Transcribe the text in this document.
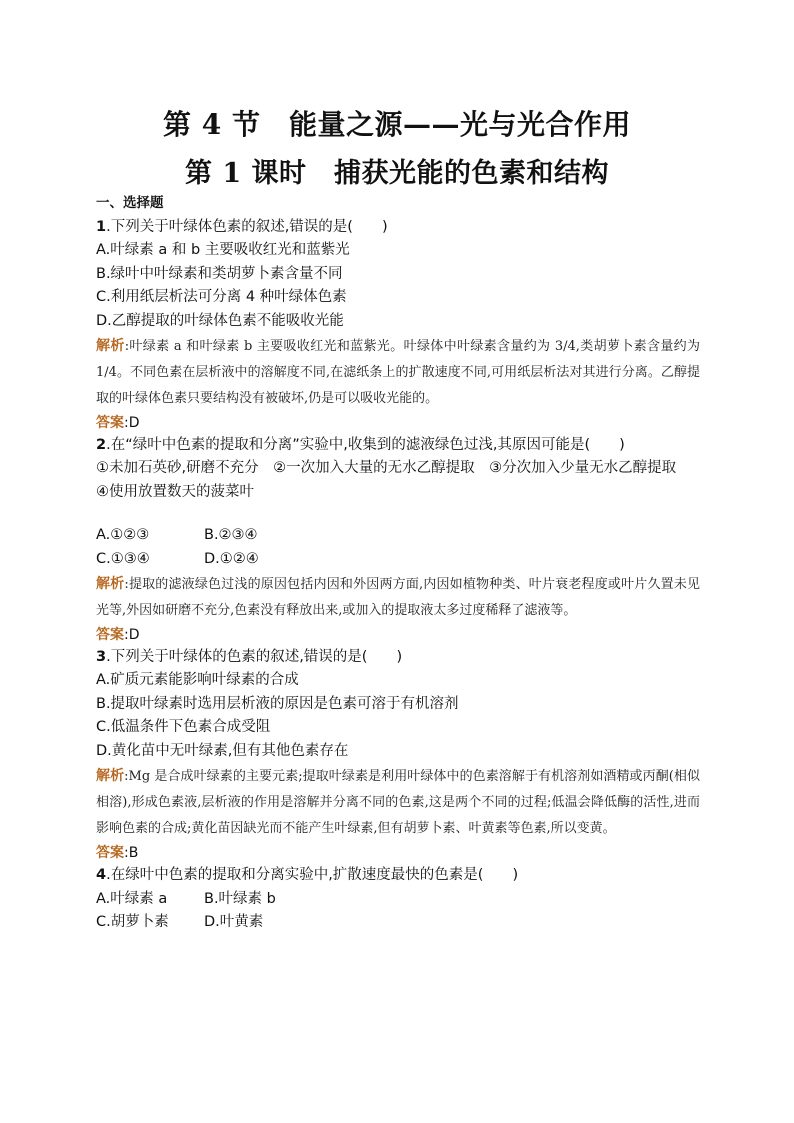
第 4 节　能量之源——光与光合作用
第 1 课时　捕获光能的色素和结构
一、选择题
1.下列关于叶绿体色素的叙述,错误的是(　　)
A.叶绿素 a 和 b 主要吸收红光和蓝紫光
B.绿叶中叶绿素和类胡萝卜素含量不同
C.利用纸层析法可分离 4 种叶绿体色素
D.乙醇提取的叶绿体色素不能吸收光能
解析:叶绿素 a 和叶绿素 b 主要吸收红光和蓝紫光。叶绿体中叶绿素含量约为 3/4,类胡萝卜素含量约为 1/4。不同色素在层析液中的溶解度不同,在滤纸条上的扩散速度不同,可用纸层析法对其进行分离。乙醇提取的叶绿体色素只要结构没有被破坏,仍是可以吸收光能的。
答案:D
2.在“绿叶中色素的提取和分离”实验中,收集到的滤液绿色过浅,其原因可能是(　　)
①未加石英砂,研磨不充分　②一次加入大量的无水乙醇提取　③分次加入少量无水乙醇提取　④使用放置数天的菠菜叶
A.①②③	B.②③④
C.①③④	D.①②④
解析:提取的滤液绿色过浅的原因包括内因和外因两方面,内因如植物种类、叶片衰老程度或叶片久置未见光等,外因如研磨不充分,色素没有释放出来,或加入的提取液太多过度稀释了滤液等。
答案:D
3.下列关于叶绿体的色素的叙述,错误的是(　　)
A.矿质元素能影响叶绿素的合成
B.提取叶绿素时选用层析液的原因是色素可溶于有机溶剂
C.低温条件下色素合成受阻
D.黄化苗中无叶绿素,但有其他色素存在
解析:Mg 是合成叶绿素的主要元素;提取叶绿素是利用叶绿体中的色素溶解于有机溶剂如酒精或丙酮(相似相溶),形成色素液,层析液的作用是溶解并分离不同的色素,这是两个不同的过程;低温会降低酶的活性,进而影响色素的合成;黄化苗因缺光而不能产生叶绿素,但有胡萝卜素、叶黄素等色素,所以变黄。
答案:B
4.在绿叶中色素的提取和分离实验中,扩散速度最快的色素是(　　)
A.叶绿素 a	B.叶绿素 b
C.胡萝卜素 D.叶黄素
